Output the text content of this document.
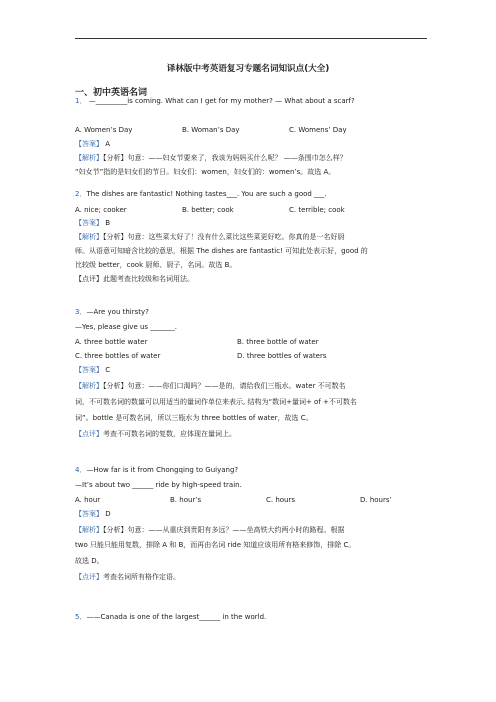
译林版中考英语复习专题名词知识点(大全)
一、初中英语名词
1． —_________is coming. What can I get for my mother? — What about a scarf?
A. Women’s Day	B. Woman’s Day	C. Womens’ Day
【答案】 A
【解析】【分析】句意：——妇女节要来了，我该为妈妈买什么呢？ ——条围巾怎么样？
“妇女节”指的是妇女们的节日。妇女们：women，妇女们的：women’s。故选 A。
2．The dishes are fantastic! Nothing tastes___. You are such a good ___.
A. nice; cooker	B. better; cook	C. terrible; cook
【答案】 B
【解析】【分析】句意：这些菜太好了！没有什么菜比这些菜更好吃。你真的是一名好厨
师。从语意可知暗含比较的意思，根据 The dishes are fantastic! 可知此处表示好，good 的
比较级 better，cook 厨师、厨子，名词。故选 B。
【点评】此题考查比较级和名词用法。
3．—Are you thirsty?
—Yes, please give us _______.
A. three bottle water	B. three bottle of water
C. three bottles of water	D. three bottles of waters
【答案】 C
【解析】【分析】句意：——你们口渴吗？——是的，请给我们三瓶水。water 不可数名
词，不可数名词的数量可以用适当的量词作单位来表示, 结构为“数词+量词+ of +不可数名
词”。bottle 是可数名词，所以三瓶水为 three bottles of water，故选 C。
【点评】考查不可数名词的复数，应体现在量词上。
4．—How far is it from Chongqing to Guiyang?
—It’s about two ______ ride by high-speed train.
A. hour	B. hour’s	C. hours	D. hours’
【答案】 D
【解析】【分析】句意：——从重庆到贵阳有多远？——坐高铁大约两小时的路程。根据
two 只能只能用复数，排除 A 和 B，而再由名词 ride 知道应该用所有格来修饰，排除 C。
故选 D。
【点评】考查名词所有格作定语。
5．——Canada is one of the largest______ in the world.
